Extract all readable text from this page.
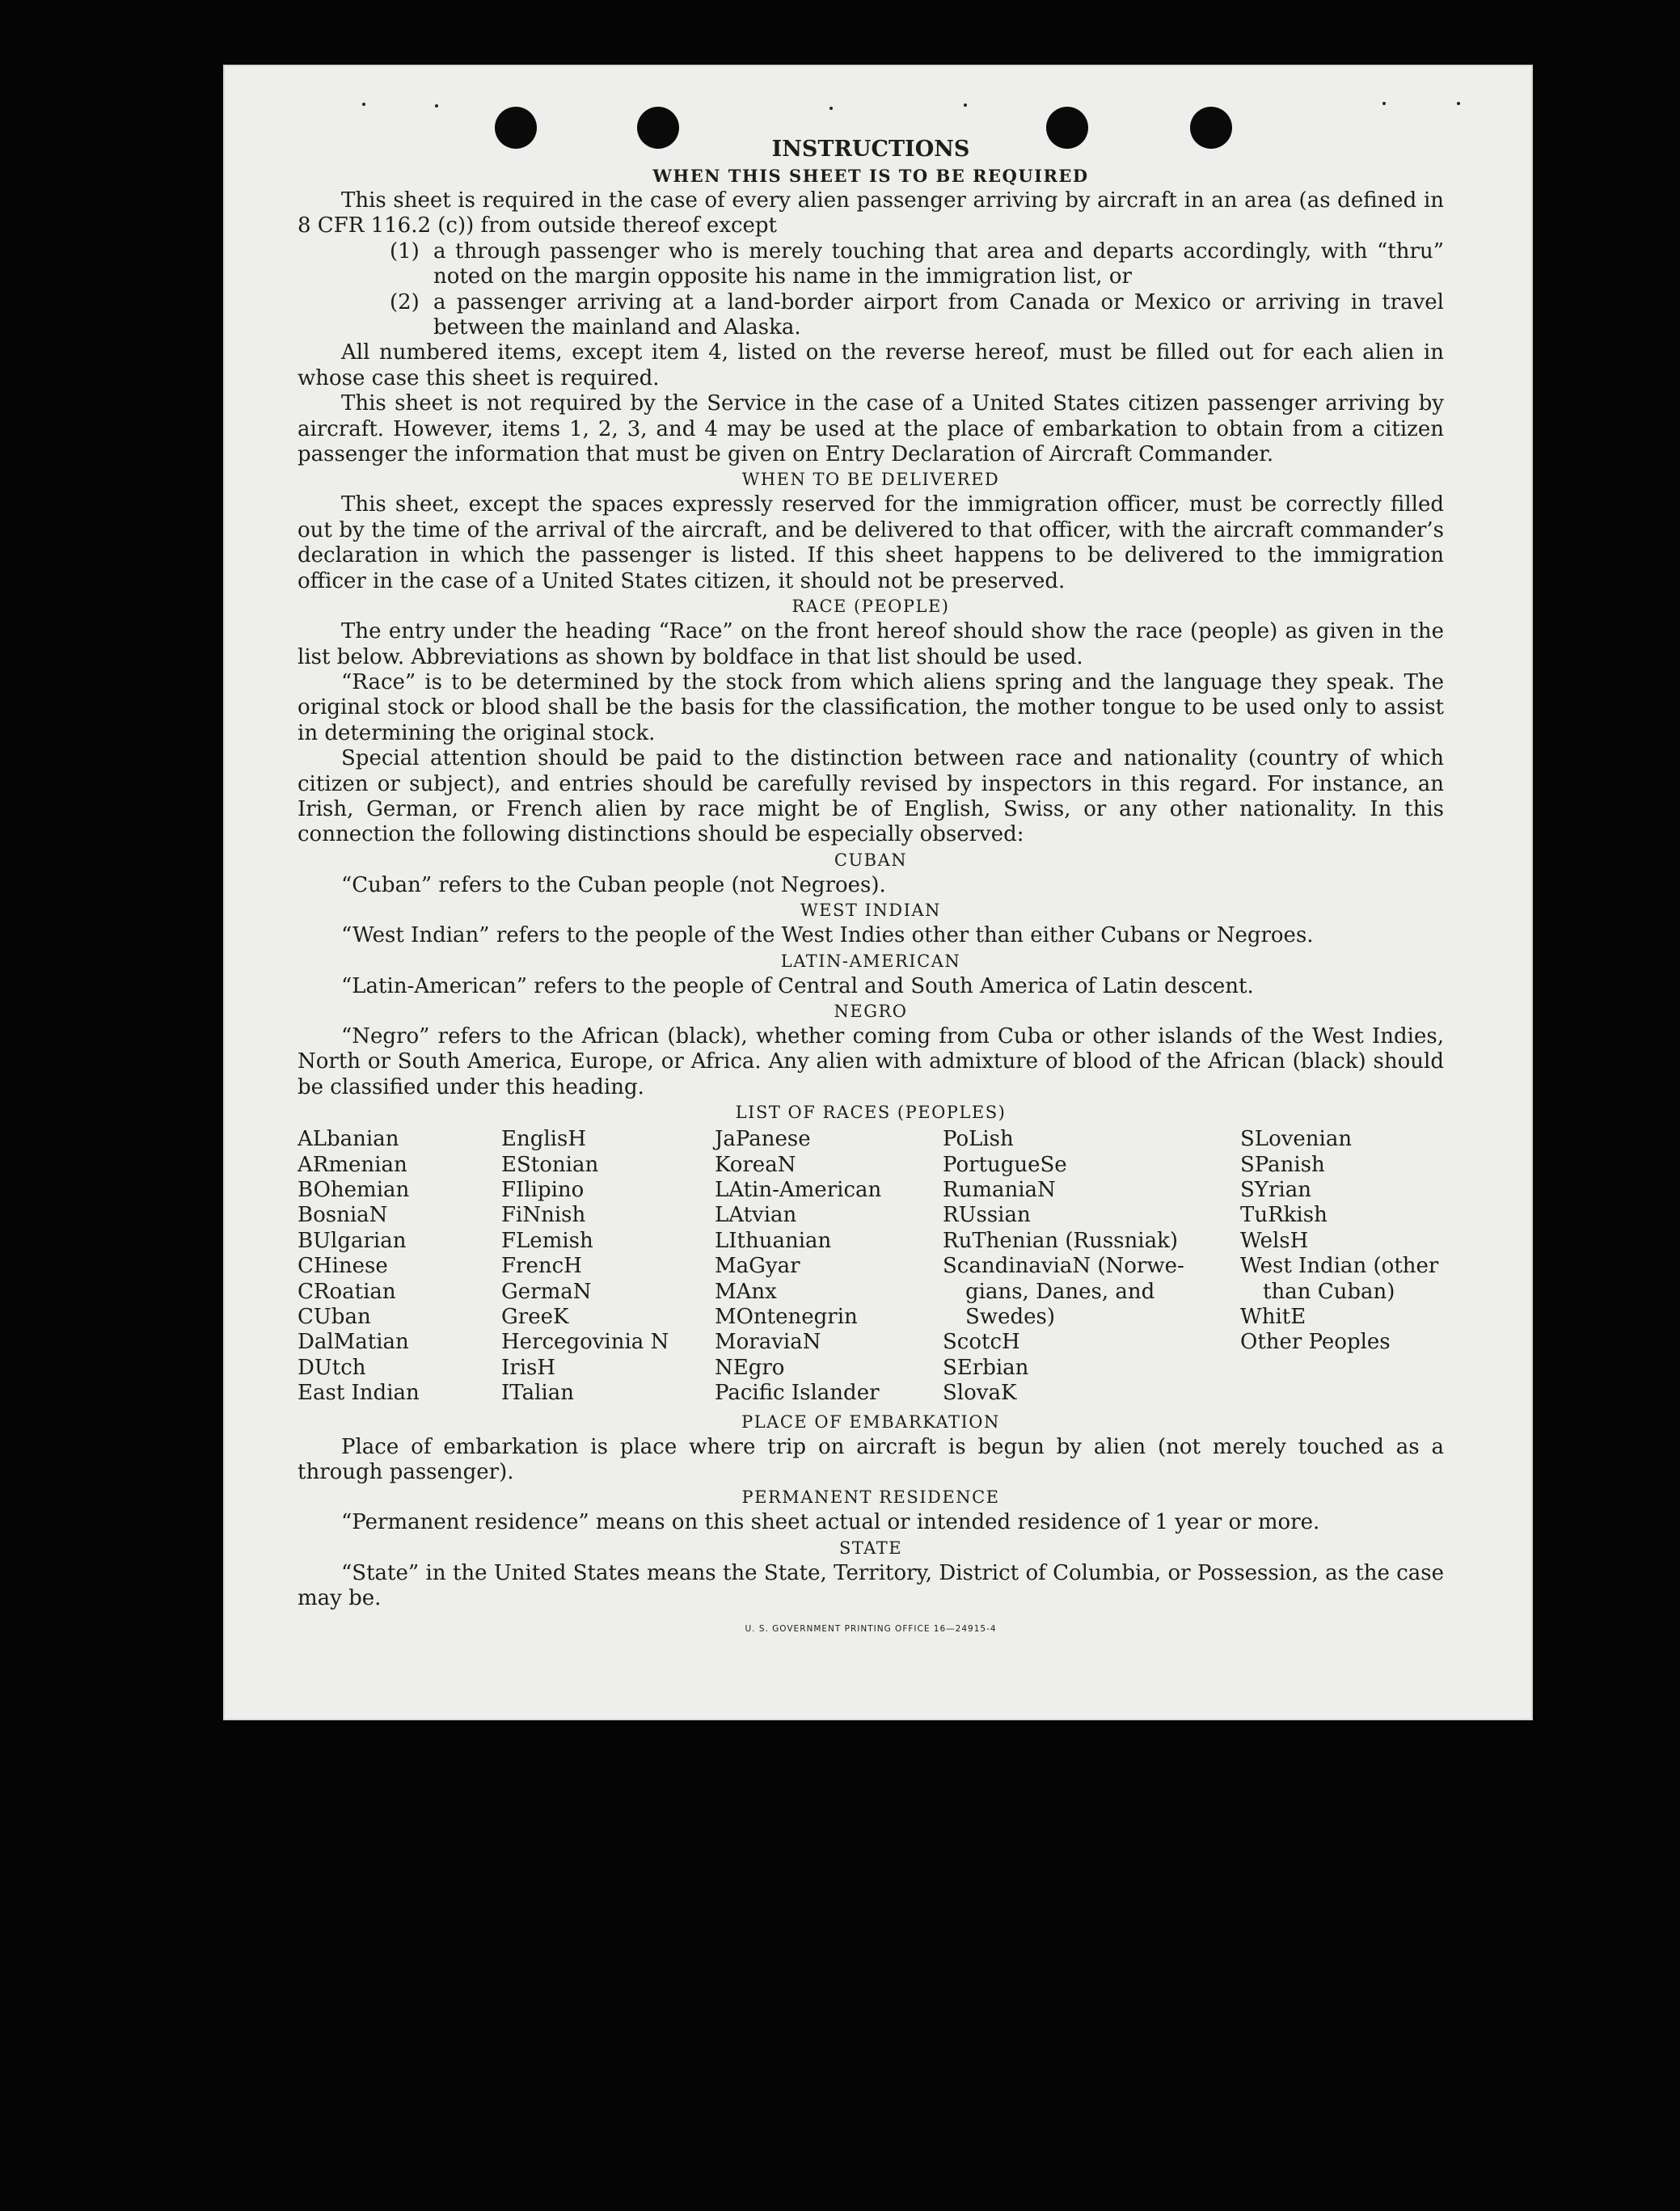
INSTRUCTIONS
WHEN THIS SHEET IS TO BE REQUIRED

This sheet is required in the case of every alien passenger arriving by aircraft in an area (as defined in 8 CFR 116.2 (c)) from outside thereof except

(1) a through passenger who is merely touching that area and departs accordingly, with “thru” noted on the margin opposite his name in the immigration list, or
(2) a passenger arriving at a land-border airport from Canada or Mexico or arriving in travel between the mainland and Alaska.

All numbered items, except item 4, listed on the reverse hereof, must be filled out for each alien in whose case this sheet is required.

This sheet is not required by the Service in the case of a United States citizen passenger arriving by aircraft. However, items 1, 2, 3, and 4 may be used at the place of embarkation to obtain from a citizen passenger the information that must be given on Entry Declaration of Aircraft Commander.

WHEN TO BE DELIVERED

This sheet, except the spaces expressly reserved for the immigration officer, must be correctly filled out by the time of the arrival of the aircraft, and be delivered to that officer, with the aircraft commander’s declaration in which the passenger is listed. If this sheet happens to be delivered to the immigration officer in the case of a United States citizen, it should not be preserved.

RACE (PEOPLE)

The entry under the heading “Race” on the front hereof should show the race (people) as given in the list below. Abbreviations as shown by boldface in that list should be used.

“Race” is to be determined by the stock from which aliens spring and the language they speak. The original stock or blood shall be the basis for the classification, the mother tongue to be used only to assist in determining the original stock.

Special attention should be paid to the distinction between race and nationality (country of which citizen or subject), and entries should be carefully revised by inspectors in this regard. For instance, an Irish, German, or French alien by race might be of English, Swiss, or any other nationality. In this connection the following distinctions should be especially observed:

CUBAN

“Cuban” refers to the Cuban people (not Negroes).

WEST INDIAN

“West Indian” refers to the people of the West Indies other than either Cubans or Negroes.

LATIN-AMERICAN

“Latin-American” refers to the people of Central and South America of Latin descent.

NEGRO

“Negro” refers to the African (black), whether coming from Cuba or other islands of the West Indies, North or South America, Europe, or Africa. Any alien with admixture of blood of the African (black) should be classified under this heading.

LIST OF RACES (PEOPLES)
ALbanian
ARmenian
BOhemian
BosniaN
BUlgarian
CHinese
CRoatian
CUban
DalMatian
DUtch
East Indian
EnglisH
EStonian
FIlipino
FiNnish
FLemish
FrencH
GermaN
GreeK
Hercegovinia N
IrisH
ITalian
JaPanese
KoreaN
LAtin-American
LAtvian
LIthuanian
MaGyar
MAnx
MOntenegrin
MoraviaN
NEgro
Pacific Islander
PoLish
PortugueSe
RumaniaN
RUssian
RuThenian (Russniak)
ScandinaviaN (Norwe-
gians, Danes, and
Swedes)
ScotcH
SErbian
SlovaK
SLovenian
SPanish
SYrian
TuRkish
WelsH
West Indian (other
than Cuban)
WhitE
Other Peoples
PLACE OF EMBARKATION

Place of embarkation is place where trip on aircraft is begun by alien (not merely touched as a through passenger).

PERMANENT RESIDENCE

“Permanent residence” means on this sheet actual or intended residence of 1 year or more.

STATE

“State” in the United States means the State, Territory, District of Columbia, or Possession, as the case may be.

U. S. GOVERNMENT PRINTING OFFICE 16—24915-4
